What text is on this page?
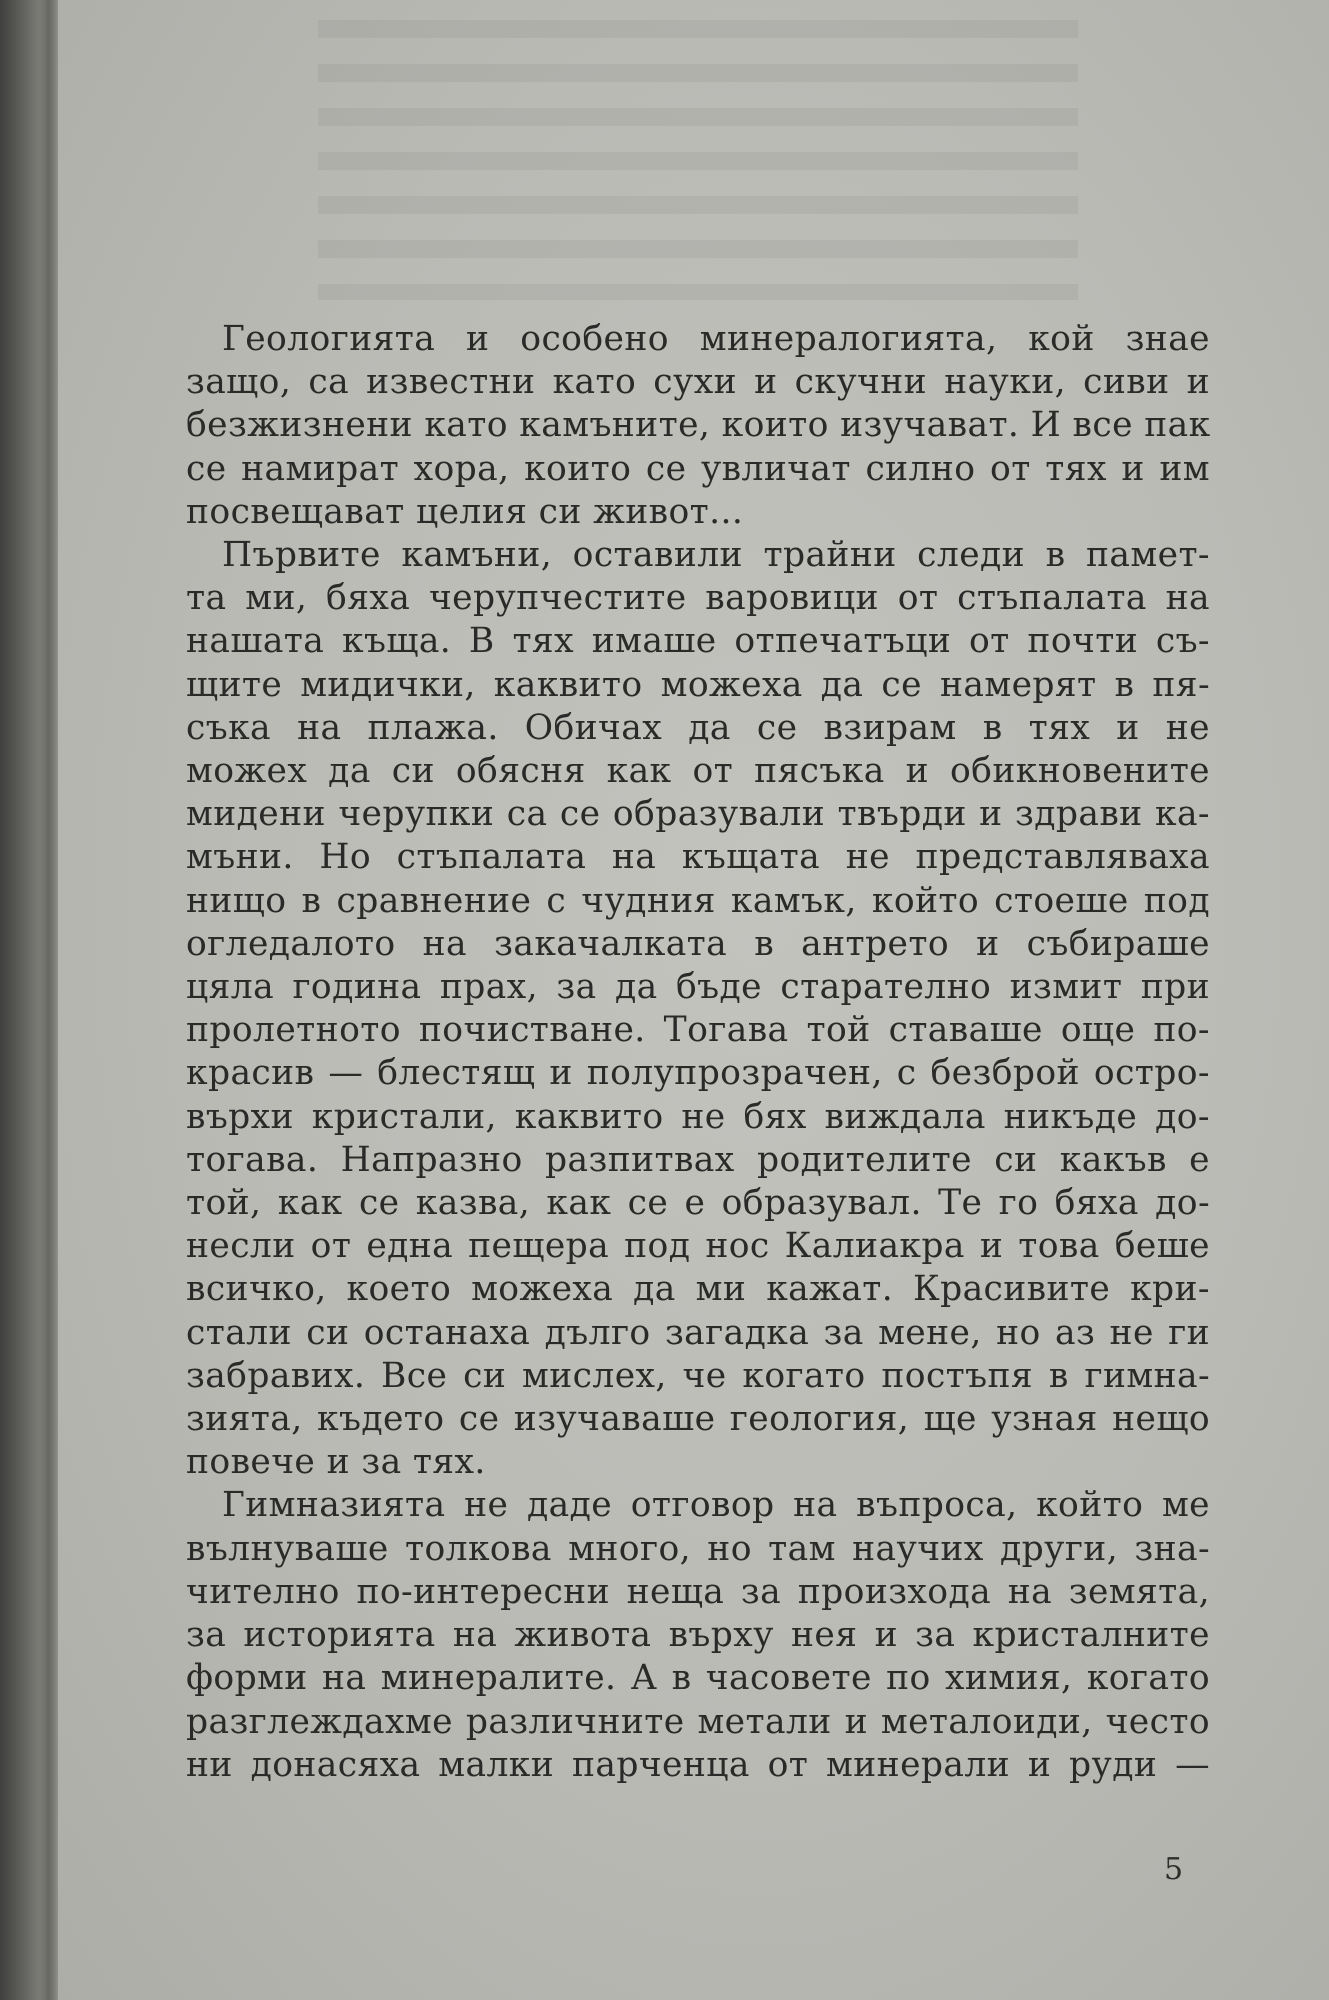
Геологията и особено минералогията, кой знае
защо, са известни като сухи и скучни науки, сиви и
безжизнени като камъните, които изучават. И все пак
се намират хора, които се увличат силно от тях и им
посвещават целия си живот...

Първите камъни, оставили трайни следи в памет-
та ми, бяха черупчестите варовици от стъпалата на
нашата къща. В тях имаше отпечатъци от почти съ-
щите мидички, каквито можеха да се намерят в пя-
съка на плажа. Обичах да се взирам в тях и не
можех да си обясня как от пясъка и обикновените
мидени черупки са се образували твърди и здрави ка-
мъни. Но стъпалата на къщата не представляваха
нищо в сравнение с чудния камък, който стоеше под
огледалото на закачалката в антрето и събираше
цяла година прах, за да бъде старателно измит при
пролетното почистване. Тогава той ставаше още по-
красив — блестящ и полупрозрачен, с безброй остро-
върхи кристали, каквито не бях виждала никъде до-
тогава. Напразно разпитвах родителите си какъв е
той, как се казва, как се е образувал. Те го бяха до-
несли от една пещера под нос Калиакра и това беше
всичко, което можеха да ми кажат. Красивите кри-
стали си останаха дълго загадка за мене, но аз не ги
забравих. Все си мислех, че когато постъпя в гимна-
зията, където се изучаваше геология, ще узная нещо
повече и за тях.

Гимназията не даде отговор на въпроса, който ме
вълнуваше толкова много, но там научих други, зна-
чително по-интересни неща за произхода на земята,
за историята на живота върху нея и за кристалните
форми на минералите. А в часовете по химия, когато
разглеждахме различните метали и металоиди, често
ни донасяха малки парченца от минерали и руди —

5
